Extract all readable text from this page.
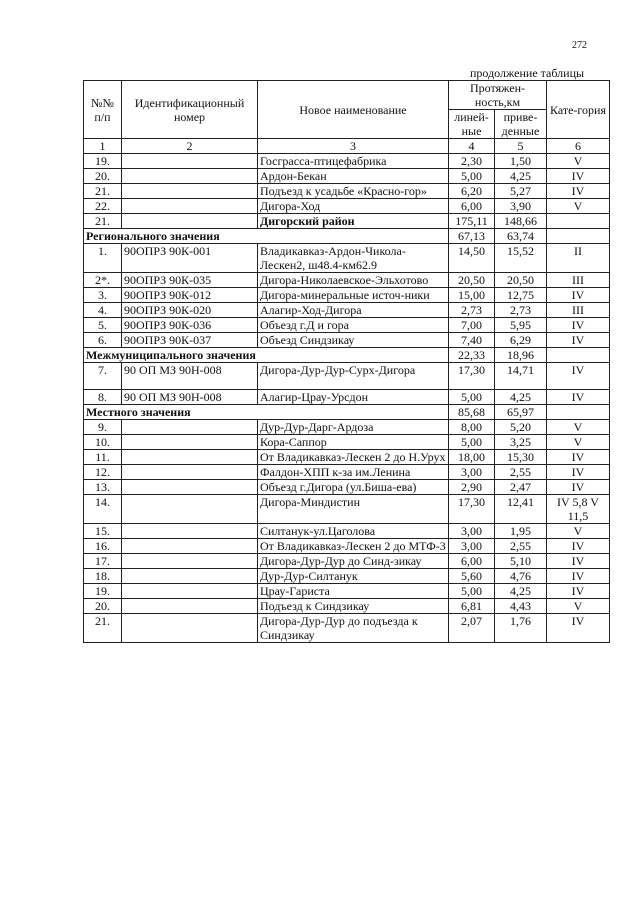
272
продолжение таблицы
№№ п/п	Идентификационный номер	Новое наименование	Протяжен-ность,км		Кате-гория
			линей-ные	приве-денные	
1	2	3	4	5	6
19.		Госграсса-птицефабрика	2,30	1,50	V
20.		Ардон-Бекан	5,00	4,25	IV
21.		Подъезд к усадьбе «Красно-гор»	6,20	5,27	IV
22.		Дигора-Ход	6,00	3,90	V
21.		Дигорский район	175,11	148,66	
Регионального значения			67,13	63,74	
1.	90ОПРЗ 90К-001	Владикавказ-Ардон-Чикола-Лескен2, ш48.4-км62.9	14,50	15,52	II
2*.	90ОПРЗ 90К-035	Дигора-Николаевское-Эльхотово	20,50	20,50	III
3.	90ОПРЗ 90К-012	Дигора-минеральные источ-ники	15,00	12,75	IV
4.	90ОПРЗ 90К-020	Алагир-Ход-Дигора	2,73	2,73	III
5.	90ОПРЗ 90К-036	Объезд г.Д и гора	7,00	5,95	IV
6.	90ОПРЗ 90К-037	Объезд Синдзикау	7,40	6,29	IV
Межмуниципального значения			22,33	18,96	
7.	90 ОП МЗ 90Н-008	Дигора-Дур-Дур-Сурх-Дигора	17,30	14,71	IV
8.	90 ОП МЗ 90Н-008	Алагир-Црау-Урсдон	5,00	4,25	IV
Местного значения			85,68	65,97	
9.		Дур-Дур-Дарг-Ардоза	8,00	5,20	V
10.		Кора-Саппор	5,00	3,25	V
11.		От Владикавказ-Лескен 2 до Н.Урух	18,00	15,30	IV
12.		Фалдон-ХПП к-за им.Ленина	3,00	2,55	IV
13.		Объезд г.Дигора (ул.Биша-ева)	2,90	2,47	IV
14.		Дигора-Миндистин	17,30	12,41	IV 5,8 V 11,5
15.		Силтанук-ул.Цаголова	3,00	1,95	V
16.		От Владикавказ-Лескен 2 до МТФ-3	3,00	2,55	IV
17.		Дигора-Дур-Дур до Синд-зикау	6,00	5,10	IV
18.		Дур-Дур-Силтанук	5,60	4,76	IV
19.		Црау-Гариста	5,00	4,25	IV
20.		Подъезд к Синдзикау	6,81	4,43	V
21.		Дигора-Дур-Дур до подъезда к Синдзикау	2,07	1,76	IV
